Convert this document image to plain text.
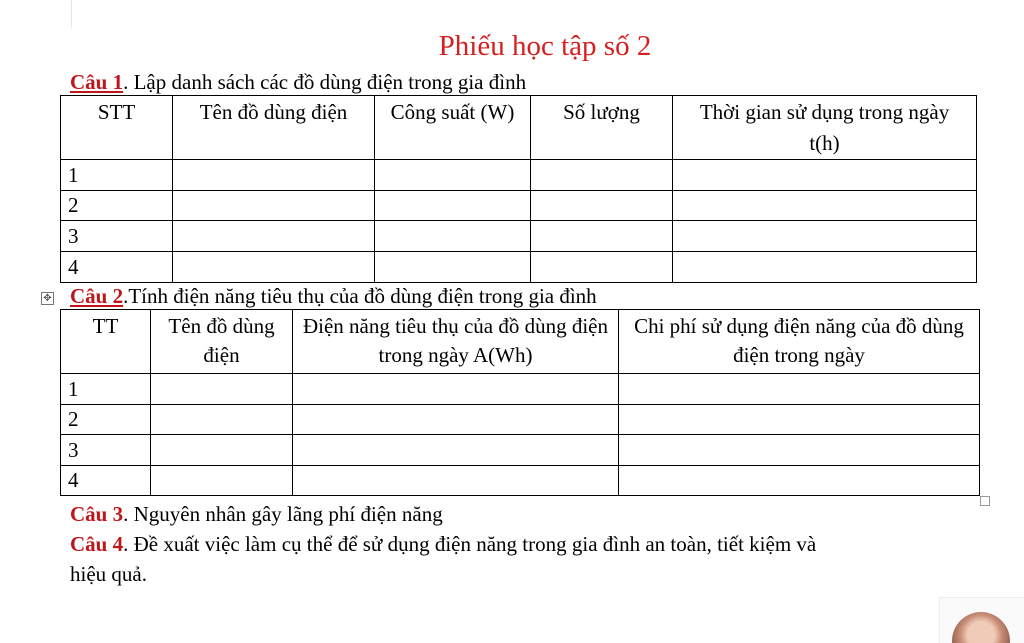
Phiếu học tập số 2
Câu 1. Lập danh sách các đồ dùng điện trong gia đình
STT	Tên đồ dùng điện	Công suất (W)	Số lượng	Thời gian sử dụng trong ngày t(h)
1				
2				
3				
4				
✥ Câu 2.Tính điện năng tiêu thụ của đồ dùng điện trong gia đình
TT	Tên đồ dùng điện	Điện năng tiêu thụ của đồ dùng điện trong ngày A(Wh)	Chi phí sử dụng điện năng của đồ dùng điện trong ngày
1			
2			
3			
4			
Câu 3. Nguyên nhân gây lãng phí điện năng
Câu 4. Đề xuất việc làm cụ thể để sử dụng điện năng trong gia đình an toàn, tiết kiệm và
hiệu quả.
